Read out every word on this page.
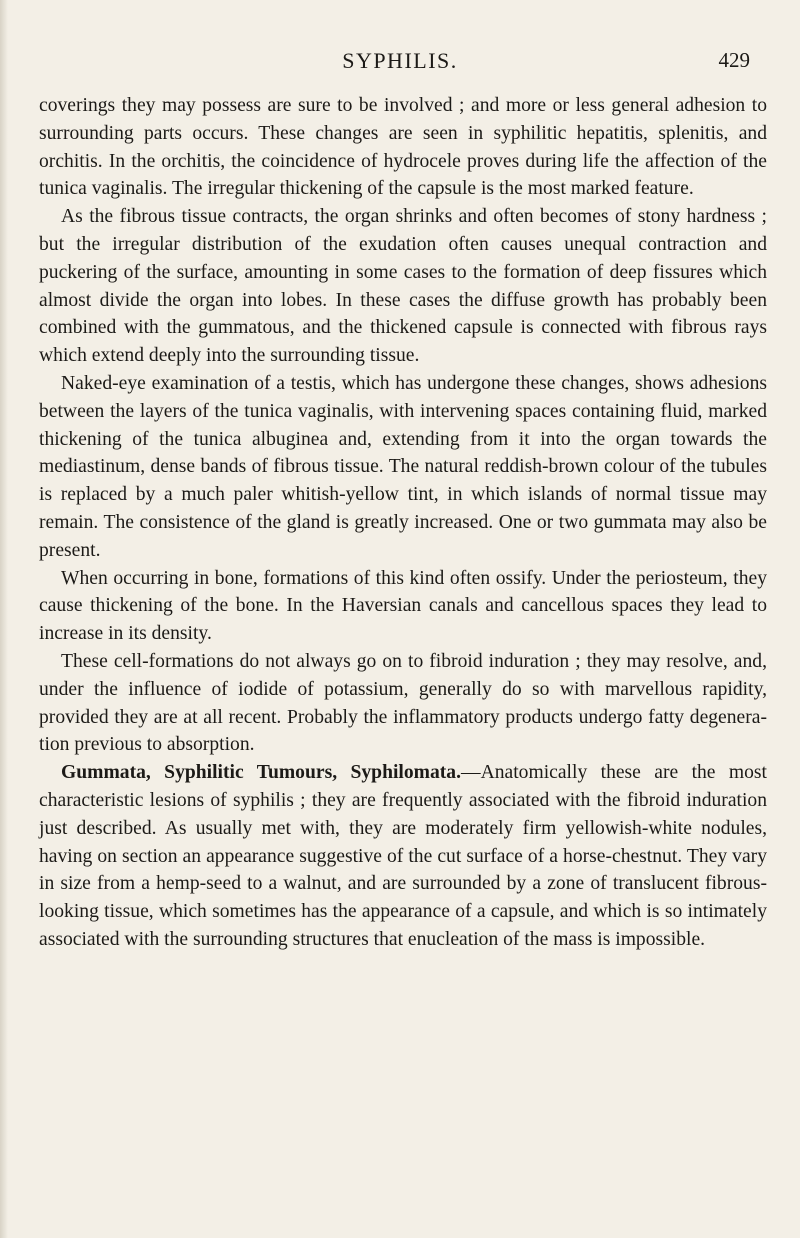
SYPHILIS.	429

coverings they may possess are sure to be involved ; and more or less general adhesion to surrounding parts occurs. These changes are seen in syphilitic hepatitis, splenitis, and orchitis. In the orchitis, the coincidence of hydrocele proves during life the affection of the tunica vaginalis. The irregular thickening of the capsule is the most marked feature.

As the fibrous tissue contracts, the organ shrinks and often becomes of stony hardness ; but the irregular distribution of the exudation often causes unequal contraction and puckering of the surface, amounting in some cases to the formation of deep fissures which almost divide the organ into lobes. In these cases the diffuse growth has probably been combined with the gummatous, and the thickened capsule is connected with fibrous rays which extend deeply into the surrounding tissue.

Naked-eye examination of a testis, which has undergone these changes, shows adhesions between the layers of the tunica vaginalis, with intervening spaces containing fluid, marked thickening of the tunica albuginea and, extending from it into the organ towards the mediastinum, dense bands of fibrous tissue. The natural reddish-brown colour of the tubules is replaced by a much paler whitish-yellow tint, in which islands of normal tissue may remain. The consistence of the gland is greatly increased. One or two gummata may also be present.

When occurring in bone, formations of this kind often ossify. Under the periosteum, they cause thickening of the bone. In the Haversian canals and cancellous spaces they lead to increase in its density.

These cell-formations do not always go on to fibroid induration ; they may resolve, and, under the influence of iodide of potassium, generally do so with marvellous rapidity, provided they are at all recent. Probably the inflammatory products undergo fatty degenera-tion previous to absorption.

Gummata, Syphilitic Tumours, Syphilomata.—Anatomically these are the most characteristic lesions of syphilis ; they are frequently associated with the fibroid induration just described. As usually met with, they are moderately firm yellowish-white nodules, having on section an appearance suggestive of the cut surface of a horse-chestnut. They vary in size from a hemp-seed to a walnut, and are surrounded by a zone of translucent fibrous-looking tissue, which sometimes has the appearance of a capsule, and which is so intimately associated with the surrounding structures that enucleation of the mass is impossible.
